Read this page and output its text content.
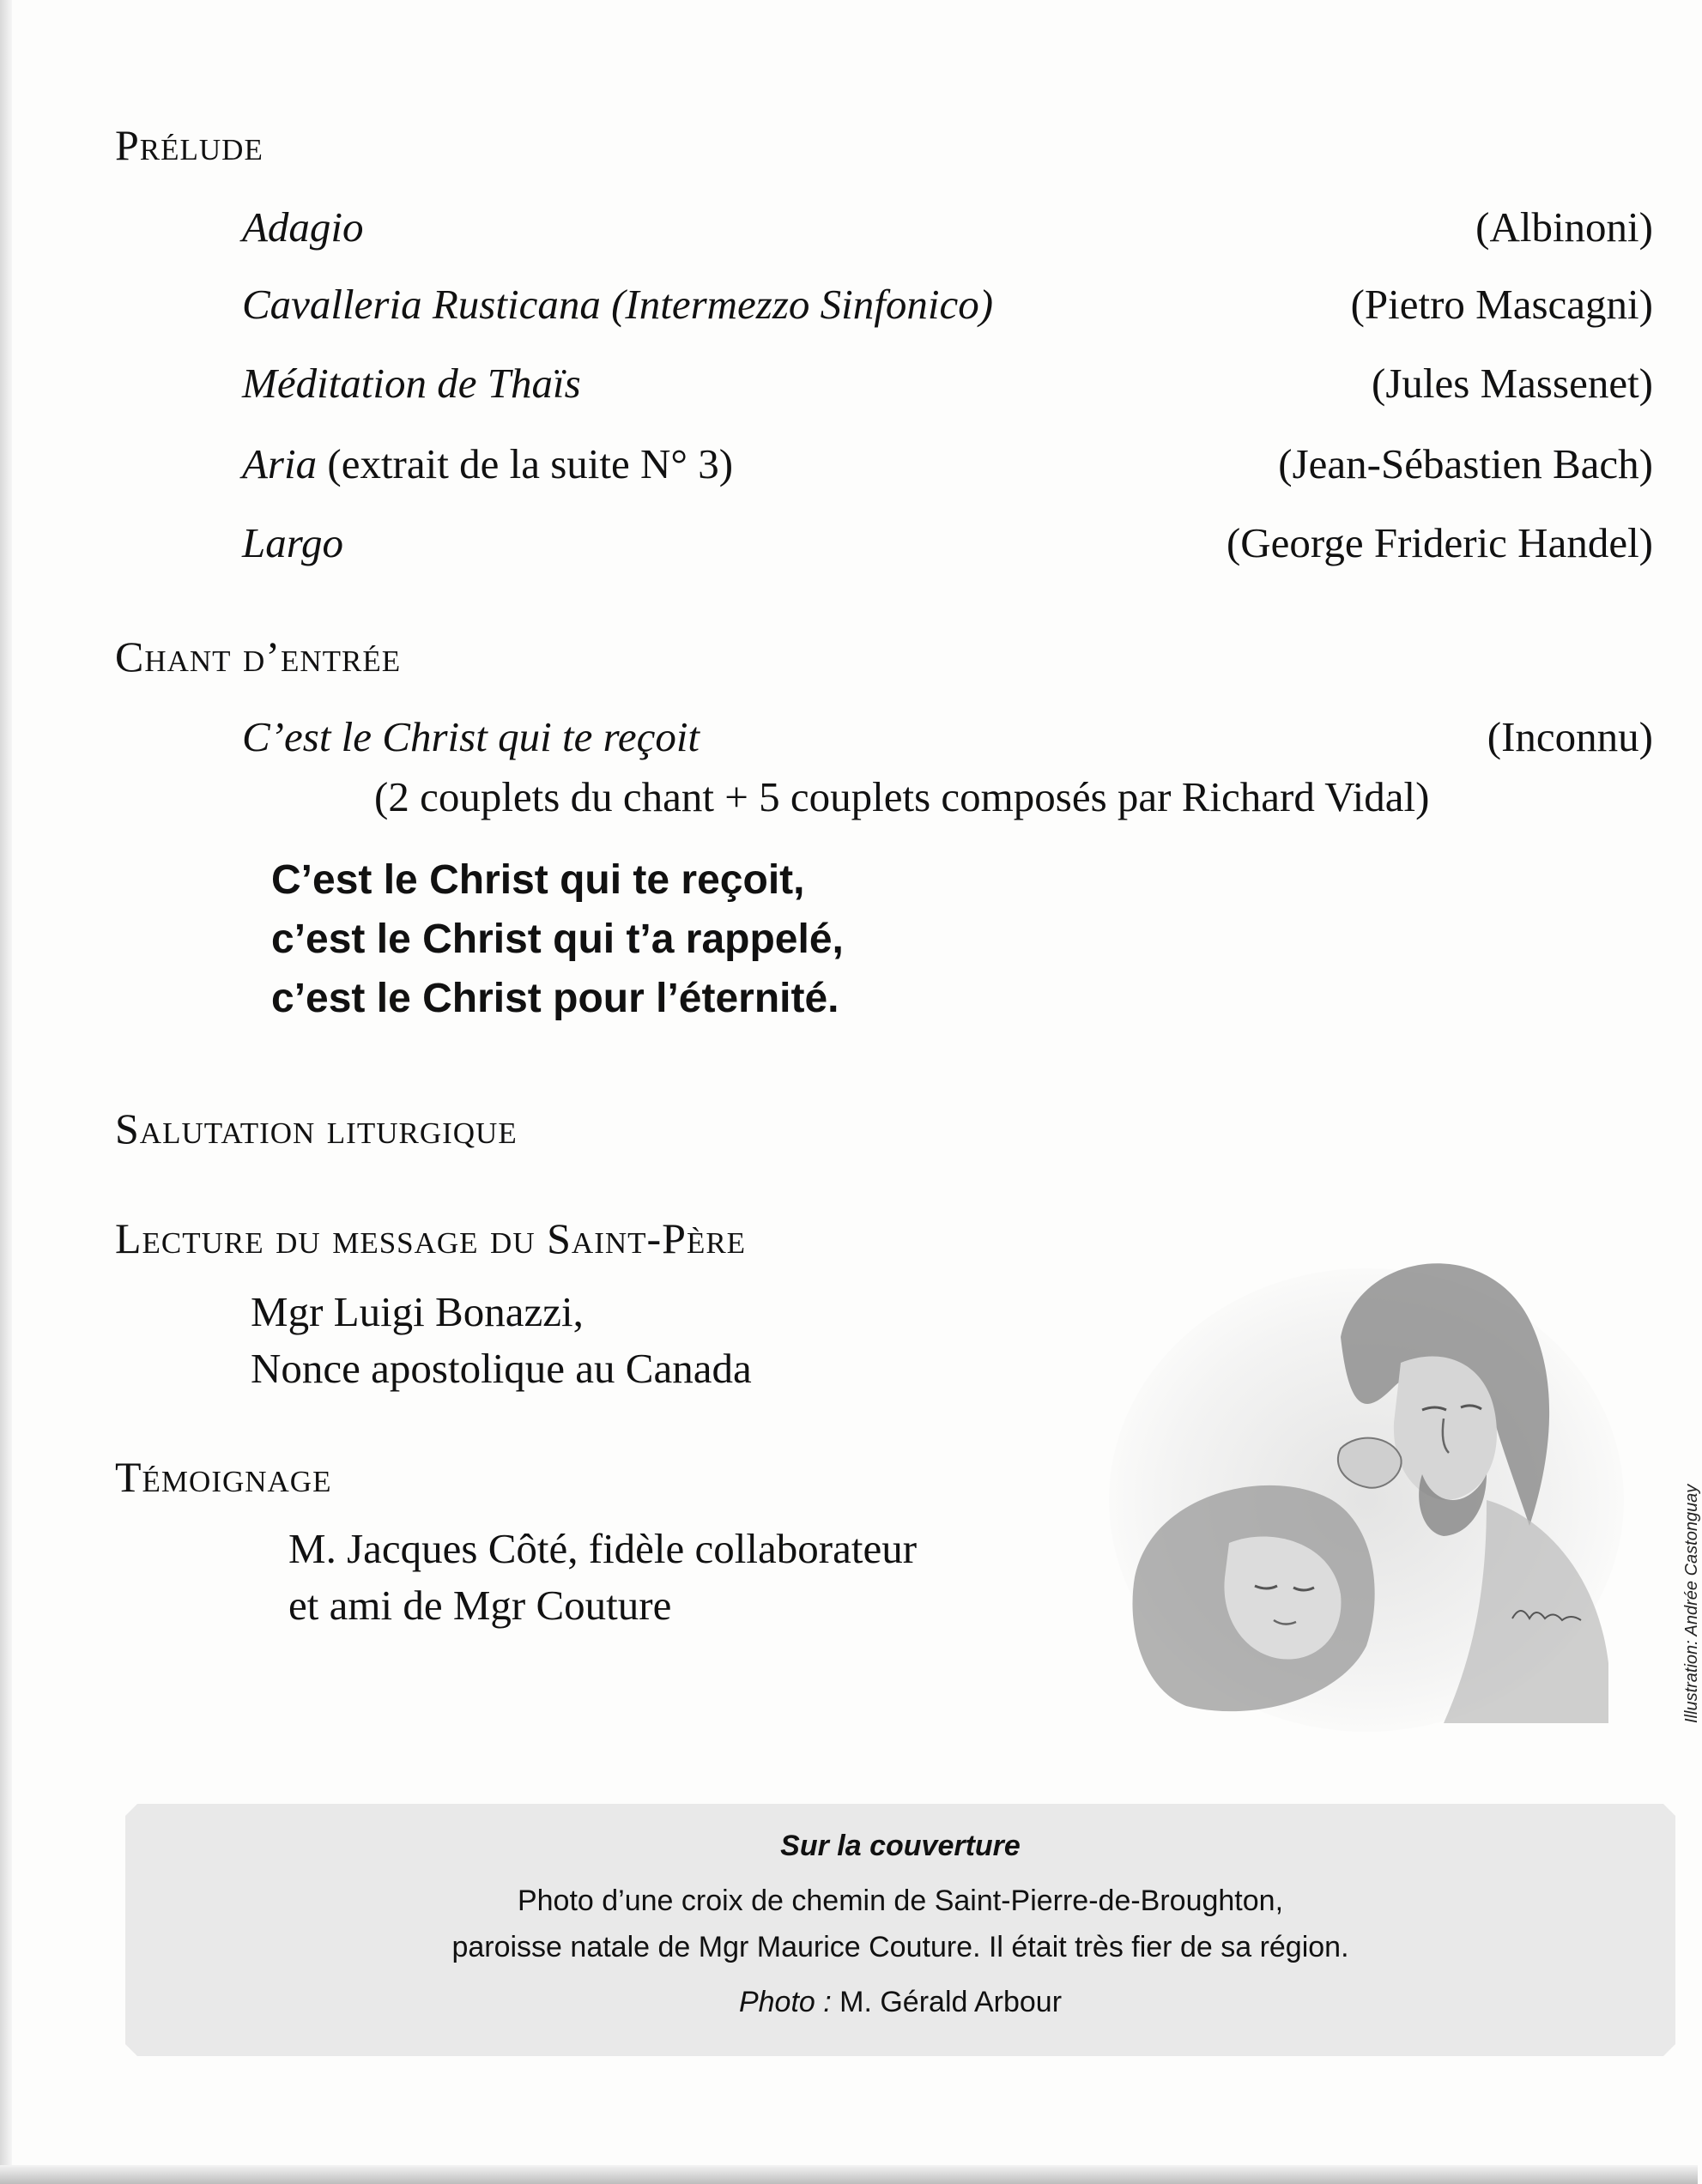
Prélude
Adagio	(Albinoni)
Cavalleria Rusticana (Intermezzo Sinfonico)	(Pietro Mascagni)
Méditation de Thaïs	(Jules Massenet)
Aria (extrait de la suite N° 3)	(Jean-Sébastien Bach)
Largo	(George Frideric Handel)
Chant d’entrée
C’est le Christ qui te reçoit	(Inconnu)
(2 couplets du chant + 5 couplets composés par Richard Vidal)
C’est le Christ qui te reçoit,
c’est le Christ qui t’a rappelé,
c’est le Christ pour l’éternité.
Salutation liturgique
Lecture du message du Saint-Père
Mgr Luigi Bonazzi,
Nonce apostolique au Canada
Témoignage
M. Jacques Côté, fidèle collaborateur
et ami de Mgr Couture	Illustration: Andrée Castonguay
Sur la couverture
Photo d’une croix de chemin de Saint-Pierre-de-Broughton,
paroisse natale de Mgr Maurice Couture. Il était très fier de sa région.
Photo : M. Gérald Arbour
